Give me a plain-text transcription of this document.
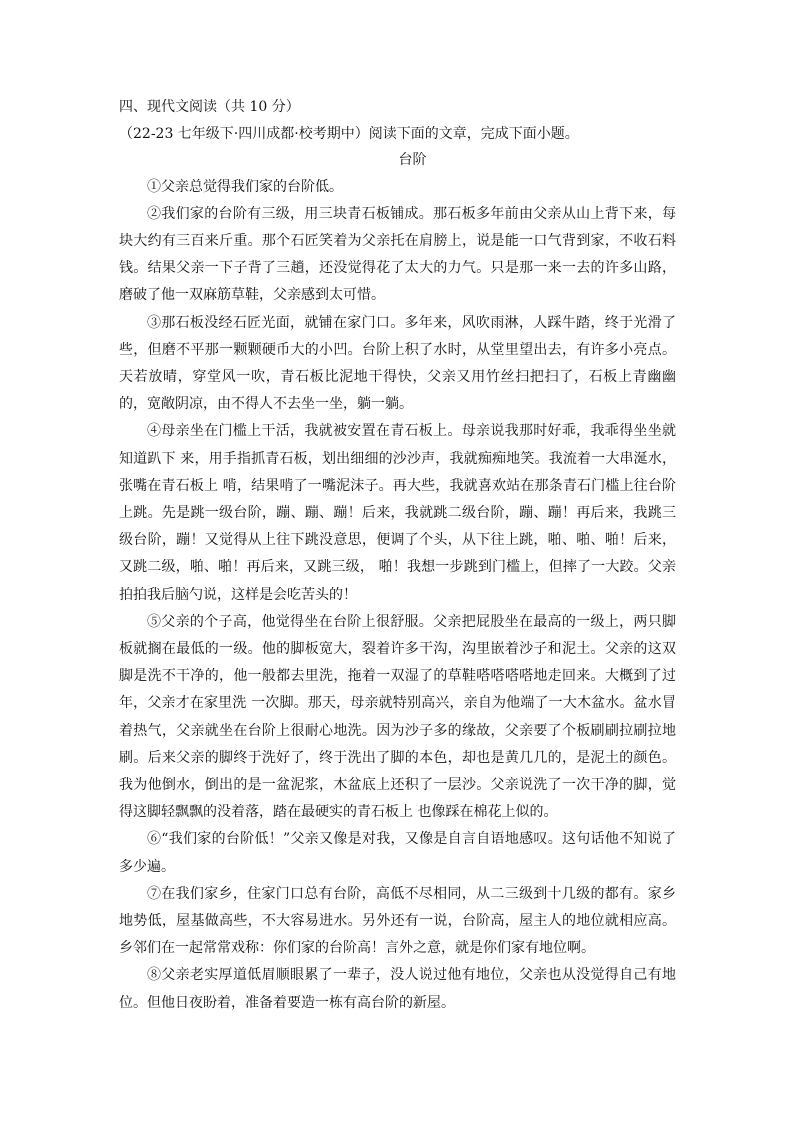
四、现代文阅读（共 10 分）

（22-23 七年级下·四川成都·校考期中）阅读下面的文章，完成下面小题。

台阶

①父亲总觉得我们家的台阶低。

②我们家的台阶有三级，用三块青石板铺成。那石板多年前由父亲从山上背下来，每块大约有三百来斤重。那个石匠笑着为父亲托在肩膀上，说是能一口气背到家，不收石料钱。结果父亲一下子背了三趟，还没觉得花了太大的力气。只是那一来一去的许多山路，磨破了他一双麻筋草鞋，父亲感到太可惜。

③那石板没经石匠光面，就铺在家门口。多年来，风吹雨淋，人踩牛踏，终于光滑了些，但磨不平那一颗颗硬币大的小凹。台阶上积了水时，从堂里望出去，有许多小亮点。天若放晴，穿堂风一吹，青石板比泥地干得快，父亲又用竹丝扫把扫了，石板上青幽幽的，宽敞阴凉，由不得人不去坐一坐，躺一躺。

④母亲坐在门槛上干活，我就被安置在青石板上。母亲说我那时好乖，我乖得坐坐就知道趴下 来，用手指抓青石板，划出细细的沙沙声，我就痴痴地笑。我流着一大串涎水，张嘴在青石板上 啃，结果啃了一嘴泥沫子。再大些，我就喜欢站在那条青石门槛上往台阶上跳。先是跳一级台阶，蹦、蹦、蹦！后来，我就跳二级台阶，蹦、蹦！再后来，我跳三级台阶，蹦！又觉得从上往下跳没意思，便调了个头，从下往上跳，啪、啪、啪！后来，又跳二级，啪、啪！再后来，又跳三级， 啪！我想一步跳到门槛上，但摔了一大跤。父亲拍拍我后脑勺说，这样是会吃苦头的！

⑤父亲的个子高，他觉得坐在台阶上很舒服。父亲把屁股坐在最高的一级上，两只脚板就搁在最低的一级。他的脚板宽大，裂着许多干沟，沟里嵌着沙子和泥土。父亲的这双脚是洗不干净的，他一般都去里洗，拖着一双湿了的草鞋嗒嗒嗒嗒地走回来。大概到了过年，父亲才在家里洗 一次脚。那天，母亲就特别高兴，亲自为他端了一大木盆水。盆水冒着热气，父亲就坐在台阶上很耐心地洗。因为沙子多的缘故，父亲要了个板刷刷拉刷拉地刷。后来父亲的脚终于洗好了，终于洗出了脚的本色，却也是黄几几的，是泥土的颜色。我为他倒水，倒出的是一盆泥浆，木盆底上还积了一层沙。父亲说洗了一次干净的脚，觉得这脚轻飘飘的没着落，踏在最硬实的青石板上 也像踩在棉花上似的。

⑥“我们家的台阶低！”父亲又像是对我，又像是自言自语地感叹。这句话他不知说了多少遍。

⑦在我们家乡，住家门口总有台阶，高低不尽相同，从二三级到十几级的都有。家乡地势低，屋基做高些，不大容易进水。另外还有一说，台阶高，屋主人的地位就相应高。乡邻们在一起常常戏称：你们家的台阶高！言外之意，就是你们家有地位啊。

⑧父亲老实厚道低眉顺眼累了一辈子，没人说过他有地位，父亲也从没觉得自己有地位。但他日夜盼着，准备着要造一栋有高台阶的新屋。
